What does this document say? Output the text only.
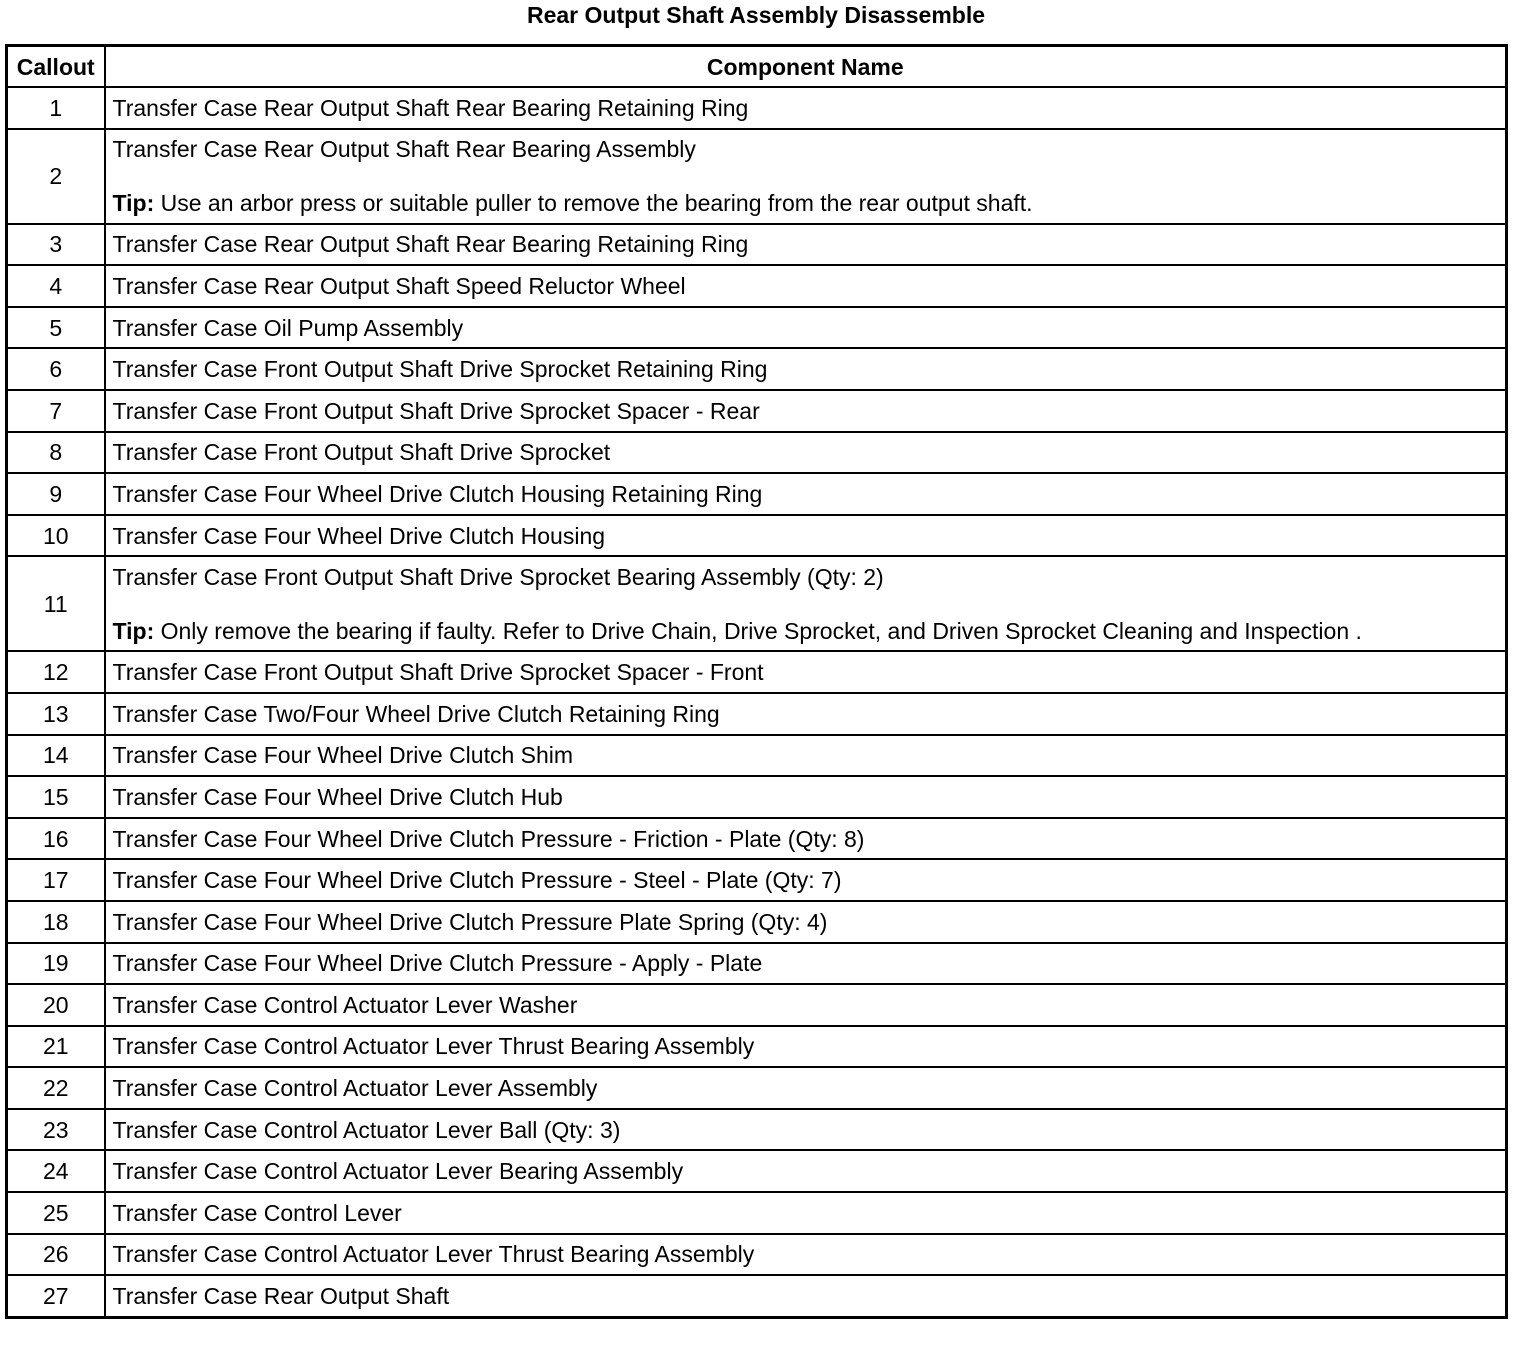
Rear Output Shaft Assembly Disassemble
Callout	Component Name
1	Transfer Case Rear Output Shaft Rear Bearing Retaining Ring
2	Transfer Case Rear Output Shaft Rear Bearing Assembly
Tip: Use an arbor press or suitable puller to remove the bearing from the rear output shaft.

3	Transfer Case Rear Output Shaft Rear Bearing Retaining Ring
4	Transfer Case Rear Output Shaft Speed Reluctor Wheel
5	Transfer Case Oil Pump Assembly
6	Transfer Case Front Output Shaft Drive Sprocket Retaining Ring
7	Transfer Case Front Output Shaft Drive Sprocket Spacer - Rear
8	Transfer Case Front Output Shaft Drive Sprocket
9	Transfer Case Four Wheel Drive Clutch Housing Retaining Ring
10	Transfer Case Four Wheel Drive Clutch Housing
11	Transfer Case Front Output Shaft Drive Sprocket Bearing Assembly (Qty: 2)
Tip: Only remove the bearing if faulty. Refer to Drive Chain, Drive Sprocket, and Driven Sprocket Cleaning and Inspection .

12	Transfer Case Front Output Shaft Drive Sprocket Spacer - Front
13	Transfer Case Two/Four Wheel Drive Clutch Retaining Ring
14	Transfer Case Four Wheel Drive Clutch Shim
15	Transfer Case Four Wheel Drive Clutch Hub
16	Transfer Case Four Wheel Drive Clutch Pressure - Friction - Plate (Qty: 8)
17	Transfer Case Four Wheel Drive Clutch Pressure - Steel - Plate (Qty: 7)
18	Transfer Case Four Wheel Drive Clutch Pressure Plate Spring (Qty: 4)
19	Transfer Case Four Wheel Drive Clutch Pressure - Apply - Plate
20	Transfer Case Control Actuator Lever Washer
21	Transfer Case Control Actuator Lever Thrust Bearing Assembly
22	Transfer Case Control Actuator Lever Assembly
23	Transfer Case Control Actuator Lever Ball (Qty: 3)
24	Transfer Case Control Actuator Lever Bearing Assembly
25	Transfer Case Control Lever
26	Transfer Case Control Actuator Lever Thrust Bearing Assembly
27	Transfer Case Rear Output Shaft
